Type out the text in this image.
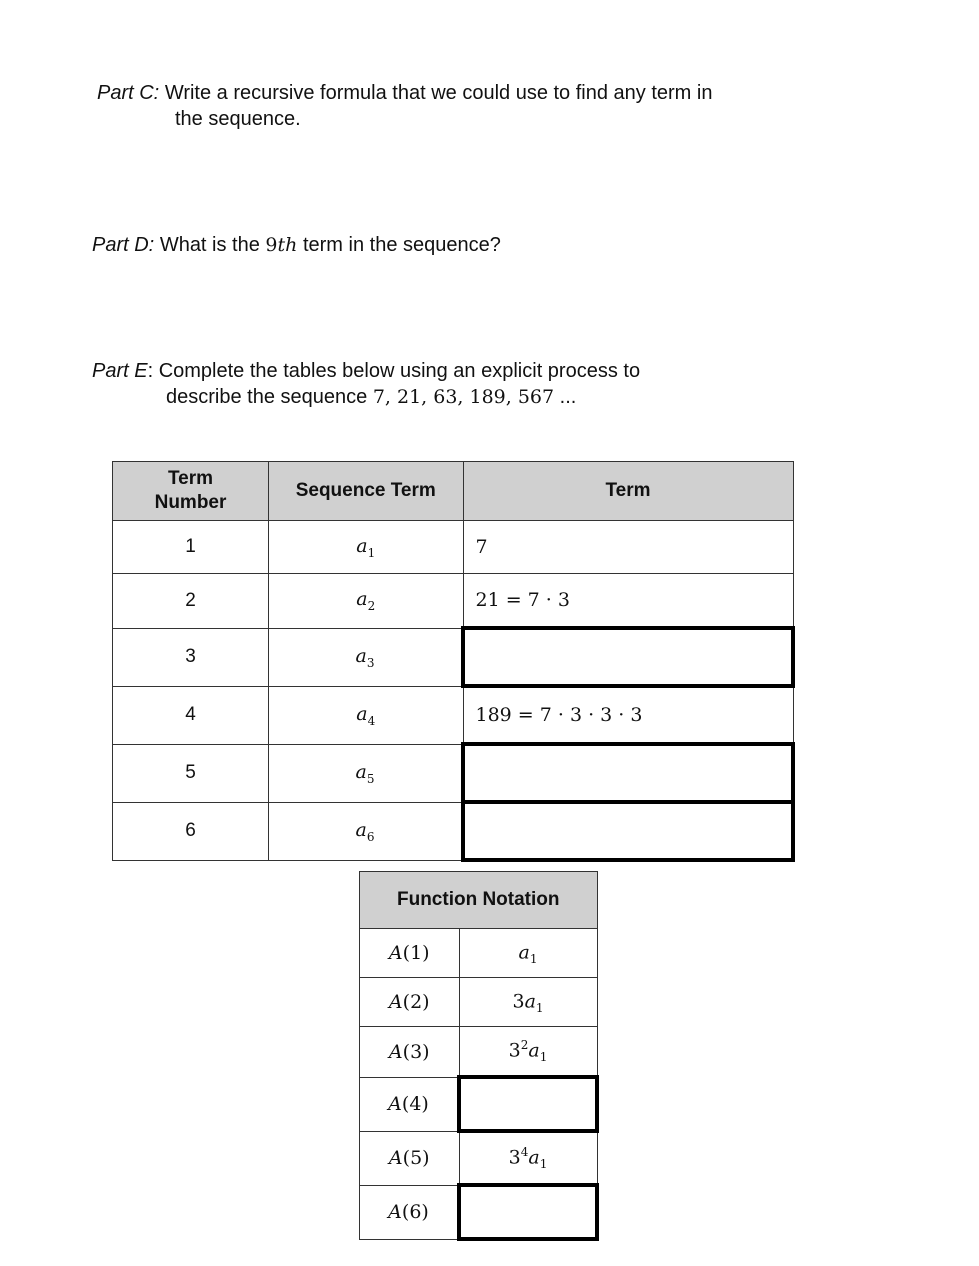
Part C: Write a recursive formula that we could use to find any term in
the sequence.
Part D: What is the 9th term in the sequence?
Part E: Complete the tables below using an explicit process to
describe the sequence 7, 21, 63, 189, 567 ...
Term
Number	Sequence Term	Term
1	$a_1$	7
2	$a_2$	21 = 7 · 3
3	$a_3$	
4	$a_4$	189 = 7 · 3 · 3 · 3
5	$a_5$	
6	$a_6$	
Function Notation	
A(1)	$a_1$
A(2)	$3a_1$
A(3)	$3^2a_1$
A(4)	
A(5)	$3^4a_1$
A(6)	
